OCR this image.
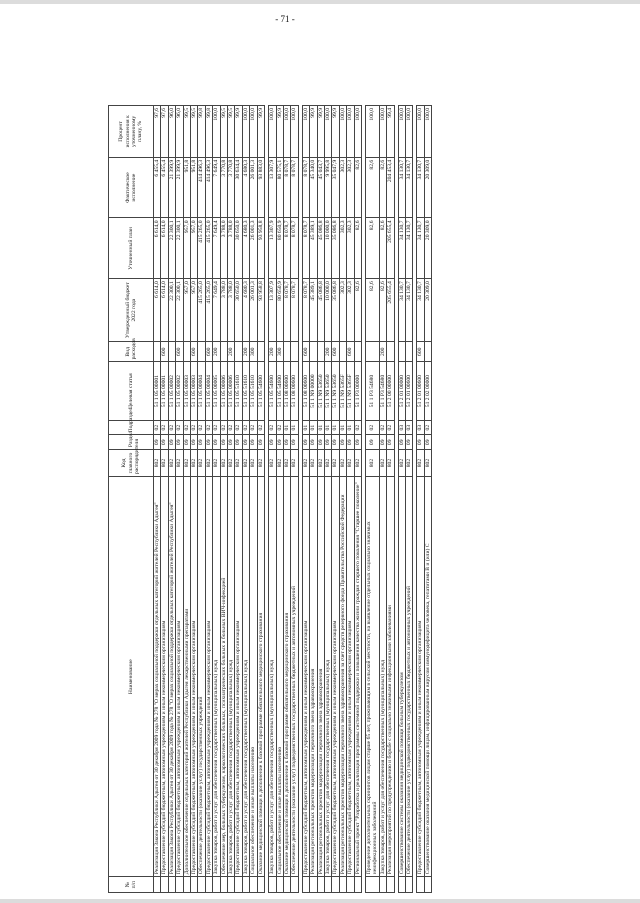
- 71 -
№ п/п	Наименование	Код главного распорядителя	Раздел	Подраздел	Целевая статья	Вид расходов	Утвержденный бюджет 2022 года	Уточненный план	Фактическое исполнение	Процент исполнения к уточненному плану, %
	Реализация Закона Республики Адыгея от 30 декабря 2009 года № 278 "О мерах социальной поддержки отдельных категорий жителей Республики Адыгея"	802	09	02	51 1 05 00001		6 614,0	6 614,0	6 455,4	97,6
	Предоставление субсидий бюджетным, автономным учреждениям и иным некоммерческим организациям	802	09	02	51 1 05 00001	600	6 614,0	6 614,0	6 455,4	97,6
	Реализация Закона Республики Адыгея от 30 декабря 2009 года № 278 "О мерах социальной поддержки отдельных категорий жителей Республики Адыгея"	802	09	02	51 1 05 00002		22 300,1	22 300,1	21 399,9	96,0
	Предоставление субсидий бюджетным, автономным учреждениям и иным некоммерческим организациям	802	09	02	51 1 05 00002	600	22 300,1	22 300,1	21 399,9	96,0
	Дополнительное обеспечение отдельных категорий жителей Республики Адыгея лекарственными препаратами	802	09	02	51 1 05 00003		957,0	957,0	951,8	99,5
	Предоставление субсидий бюджетным, автономным учреждениям и иным некоммерческим организациям	802	09	02	51 1 05 00003	600	957,0	957,0	951,8	99,5
	Обеспечение деятельности (оказание услуг) государственных учреждений	802	09	02	51 1 05 00004		415 265,0	415 265,0	414 496,3	99,8
	Предоставление субсидий бюджетным, автономным учреждениям и иным некоммерческим организациям	802	09	02	51 1 05 00004	600	415 265,0	415 265,0	414 496,3	99,8
	Закупка товаров, работ и услуг для обеспечения государственных (муниципальных) нужд	802	09	02	51 1 05 00005	200	7 649,4	7 649,4	7 649,4	100,0
	Обеспечение мер, больных туберкулезом, наркологических больных, психиатрических больных и больных ВИЧ-инфекцией	802	09	02	51 1 05 00006		3 788,0	3 788,0	3 770,8	99,5
	Закупка товаров, работ и услуг для обеспечения государственных (муниципальных) нужд	802	09	02	51 1 05 00006	200	3 788,0	3 788,0	3 770,8	99,5
	Предоставление субсидий бюджетным, автономным учреждениям и иным некоммерческим организациям	802	09	02	51 1 05 51610		30 650,0	30 650,0	30 634,4	99,9
	Закупка товаров, работ и услуг для обеспечения государственных (муниципальных) нужд	802	09	02	51 1 05 51610	200	4 680,3	4 680,3	4 680,3	100,0
	Социальное обеспечение и иные выплаты населению	802	09	02	51 1 05 51610	300	26 001,3	26 001,3	26 001,3	100,0
	Оказание медицинской помощи в дополнение к базовой программе обязательного медицинского страхования	802	09	02	51 1 05 54600		93 958,8	93 958,8	93 883,0	99,9

	Закупка товаров, работ и услуг для обеспечения государственных (муниципальных) нужд	802	09	02	51 1 05 54600	200	13 307,9	13 307,9	13 307,9	100,0
	Социальное обеспечение и иные выплаты населению	802	09	02	51 1 05 54600	300	80 650,9	80 650,9	80 575,1	99,9
	Оказание медицинской помощи в дополнение к базовой программе обязательного медицинского страхования	802	09	01	51 1 08 00600		8 078,7	8 078,7	8 078,7	100,0
	Обеспечение деятельности (оказание услуг) подведомственных государственных бюджетных и автономных учреждений	802	09	01	51 1 08 00600		8 078,7	8 078,7	8 078,7	100,0

	Предоставление субсидий бюджетным, автономным учреждениям и иным некоммерческим организациям	802	09	01	51 1 08 00600	600	8 078,7	8 078,7	8 078,7	100,0
	Реализация региональных проектов модернизации первичного звена здравоохранения	802	09	01	51 1 N9 00000		45 389,1	45 389,1	45 340,0	99,9
	Реализация региональных проектов модернизации первичного звена здравоохранения	802	09	01	51 1 N9 53650		45 086,8	45 086,8	45 043,7	99,9
	Закупка товаров, работ и услуг для обеспечения государственных (муниципальных) нужд	802	09	01	51 1 N9 53650	200	10 000,0	10 000,0	9 995,8	100,0
	Предоставление субсидий бюджетным, автономным учреждениям и иным некоммерческим организациям	802	09	01	51 1 N9 53650	600	35 086,8	35 086,8	35 047,9	99,9
	Реализация региональных проектов модернизации первичного звена здравоохранения за счет средств резервного фонда Правительства Российской Федерации	802	09	01	51 1 N9 5365F		302,3	302,3	302,3	100,0
	Предоставление субсидий бюджетным, автономным учреждениям и иным некоммерческим организациям	802	09	01	51 1 N9 5365F	600	302,3	302,3	302,3	100,0
	Региональный проект "Разработка и реализация программы системной поддержки и повышения качества жизни граждан старшего поколения "Старшее поколение"	802	09	02	51 1 P3 00000		82,6	82,6	82,6	100,0

	Проведение дополнительных скринингов лицам старше 65 лет, проживающим в сельской местности, на выявление отдельных социально значимых неинфекционных заболеваний	802	09	02	51 1 P3 54680		82,6	82,6	82,6	100,0
	Закупка товаров, работ и услуг для обеспечения государственных (муниципальных) нужд	802	09	02	51 1 P3 54680	200	82,6	82,6	82,6	100,0
	Реализация мероприятий по предупреждению и борьбе с социально значимыми инфекционными заболеваниями	802	09	02	51 2 00 00000		205 655,4	205 655,4	204 453,4	99,4

	Совершенствование системы оказания медицинской помощи больным туберкулезом	802	09	03	51 2 01 00000		34 130,7	34 130,7	34 130,7	100,0
	Обеспечение деятельности (оказание услуг) подведомственных государственных бюджетных и автономных учреждений	802	09	03	51 2 01 00600		34 130,7	34 130,7	34 130,7	100,0

	Предоставление субсидий бюджетным, автономным учреждениям и иным некоммерческим организациям	802	09	03	51 2 01 00600	600	34 130,7	34 130,7	34 130,7	100,0
	Совершенствование оказания медицинской помощи лицам, инфицированным вирусом иммунодефицита человека, гепатитами В и (или) С	802	09	02	51 2 02 00000		20 309,0	20 309,0	20 309,0	100,0
